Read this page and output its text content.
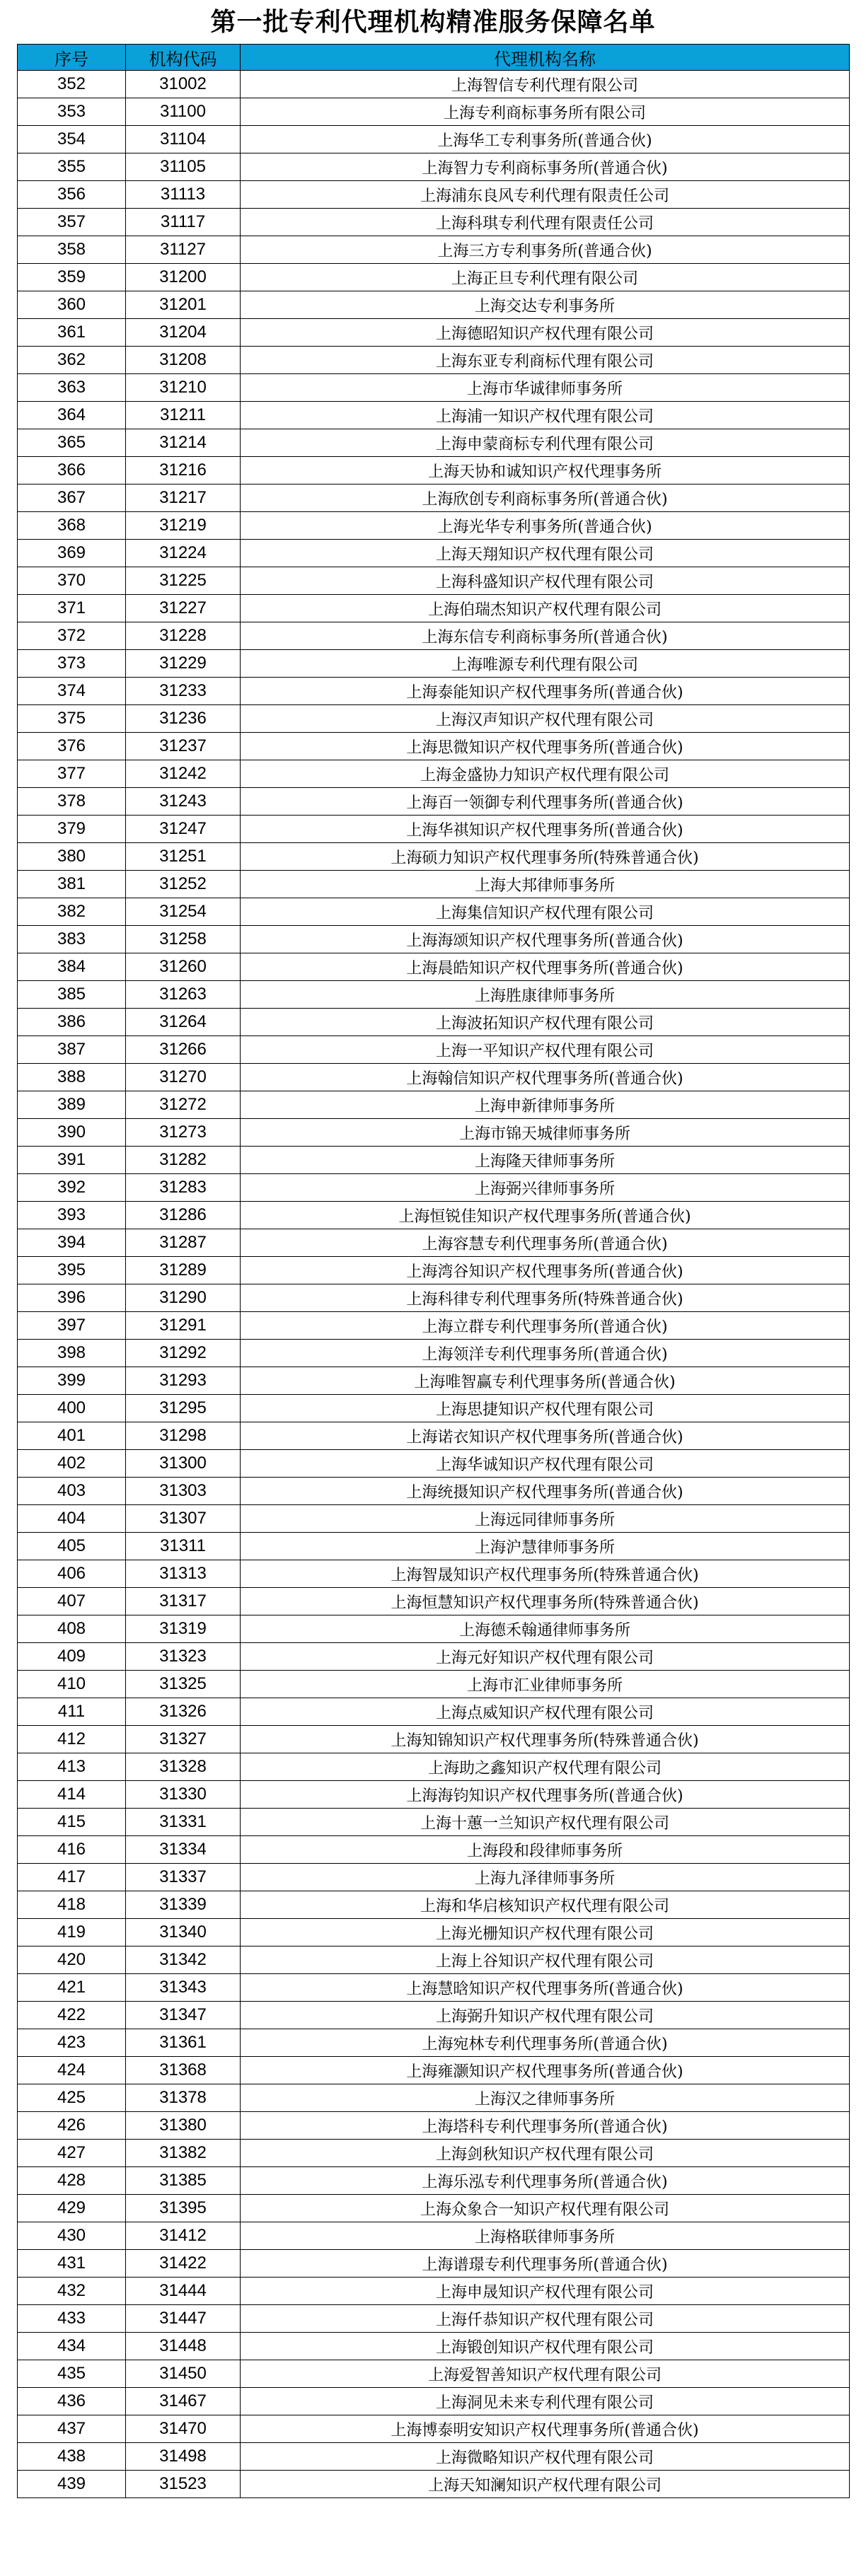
第一批专利代理机构精准服务保障名单
序号	机构代码	代理机构名称
352	31002	上海智信专利代理有限公司
353	31100	上海专利商标事务所有限公司
354	31104	上海华工专利事务所(普通合伙)
355	31105	上海智力专利商标事务所(普通合伙)
356	31113	上海浦东良风专利代理有限责任公司
357	31117	上海科琪专利代理有限责任公司
358	31127	上海三方专利事务所(普通合伙)
359	31200	上海正旦专利代理有限公司
360	31201	上海交达专利事务所
361	31204	上海德昭知识产权代理有限公司
362	31208	上海东亚专利商标代理有限公司
363	31210	上海市华诚律师事务所
364	31211	上海浦一知识产权代理有限公司
365	31214	上海申蒙商标专利代理有限公司
366	31216	上海天协和诚知识产权代理事务所
367	31217	上海欣创专利商标事务所(普通合伙)
368	31219	上海光华专利事务所(普通合伙)
369	31224	上海天翔知识产权代理有限公司
370	31225	上海科盛知识产权代理有限公司
371	31227	上海伯瑞杰知识产权代理有限公司
372	31228	上海东信专利商标事务所(普通合伙)
373	31229	上海唯源专利代理有限公司
374	31233	上海泰能知识产权代理事务所(普通合伙)
375	31236	上海汉声知识产权代理有限公司
376	31237	上海思微知识产权代理事务所(普通合伙)
377	31242	上海金盛协力知识产权代理有限公司
378	31243	上海百一领御专利代理事务所(普通合伙)
379	31247	上海华祺知识产权代理事务所(普通合伙)
380	31251	上海硕力知识产权代理事务所(特殊普通合伙)
381	31252	上海大邦律师事务所
382	31254	上海集信知识产权代理有限公司
383	31258	上海海颂知识产权代理事务所(普通合伙)
384	31260	上海晨皓知识产权代理事务所(普通合伙)
385	31263	上海胜康律师事务所
386	31264	上海波拓知识产权代理有限公司
387	31266	上海一平知识产权代理有限公司
388	31270	上海翰信知识产权代理事务所(普通合伙)
389	31272	上海申新律师事务所
390	31273	上海市锦天城律师事务所
391	31282	上海隆天律师事务所
392	31283	上海弼兴律师事务所
393	31286	上海恒锐佳知识产权代理事务所(普通合伙)
394	31287	上海容慧专利代理事务所(普通合伙)
395	31289	上海湾谷知识产权代理事务所(普通合伙)
396	31290	上海科律专利代理事务所(特殊普通合伙)
397	31291	上海立群专利代理事务所(普通合伙)
398	31292	上海领洋专利代理事务所(普通合伙)
399	31293	上海唯智赢专利代理事务所(普通合伙)
400	31295	上海思捷知识产权代理有限公司
401	31298	上海诺衣知识产权代理事务所(普通合伙)
402	31300	上海华诚知识产权代理有限公司
403	31303	上海统摄知识产权代理事务所(普通合伙)
404	31307	上海远同律师事务所
405	31311	上海沪慧律师事务所
406	31313	上海智晟知识产权代理事务所(特殊普通合伙)
407	31317	上海恒慧知识产权代理事务所(特殊普通合伙)
408	31319	上海德禾翰通律师事务所
409	31323	上海元好知识产权代理有限公司
410	31325	上海市汇业律师事务所
411	31326	上海点威知识产权代理有限公司
412	31327	上海知锦知识产权代理事务所(特殊普通合伙)
413	31328	上海助之鑫知识产权代理有限公司
414	31330	上海海钧知识产权代理事务所(普通合伙)
415	31331	上海十蕙一兰知识产权代理有限公司
416	31334	上海段和段律师事务所
417	31337	上海九泽律师事务所
418	31339	上海和华启核知识产权代理有限公司
419	31340	上海光栅知识产权代理有限公司
420	31342	上海上谷知识产权代理有限公司
421	31343	上海慧晗知识产权代理事务所(普通合伙)
422	31347	上海弼升知识产权代理有限公司
423	31361	上海宛林专利代理事务所(普通合伙)
424	31368	上海雍灏知识产权代理事务所(普通合伙)
425	31378	上海汉之律师事务所
426	31380	上海塔科专利代理事务所(普通合伙)
427	31382	上海剑秋知识产权代理有限公司
428	31385	上海乐泓专利代理事务所(普通合伙)
429	31395	上海众象合一知识产权代理有限公司
430	31412	上海格联律师事务所
431	31422	上海谱璟专利代理事务所(普通合伙)
432	31444	上海申晟知识产权代理有限公司
433	31447	上海仟恭知识产权代理有限公司
434	31448	上海锻创知识产权代理有限公司
435	31450	上海爱智善知识产权代理有限公司
436	31467	上海洞见未来专利代理有限公司
437	31470	上海博泰明安知识产权代理事务所(普通合伙)
438	31498	上海微略知识产权代理有限公司
439	31523	上海天知澜知识产权代理有限公司
